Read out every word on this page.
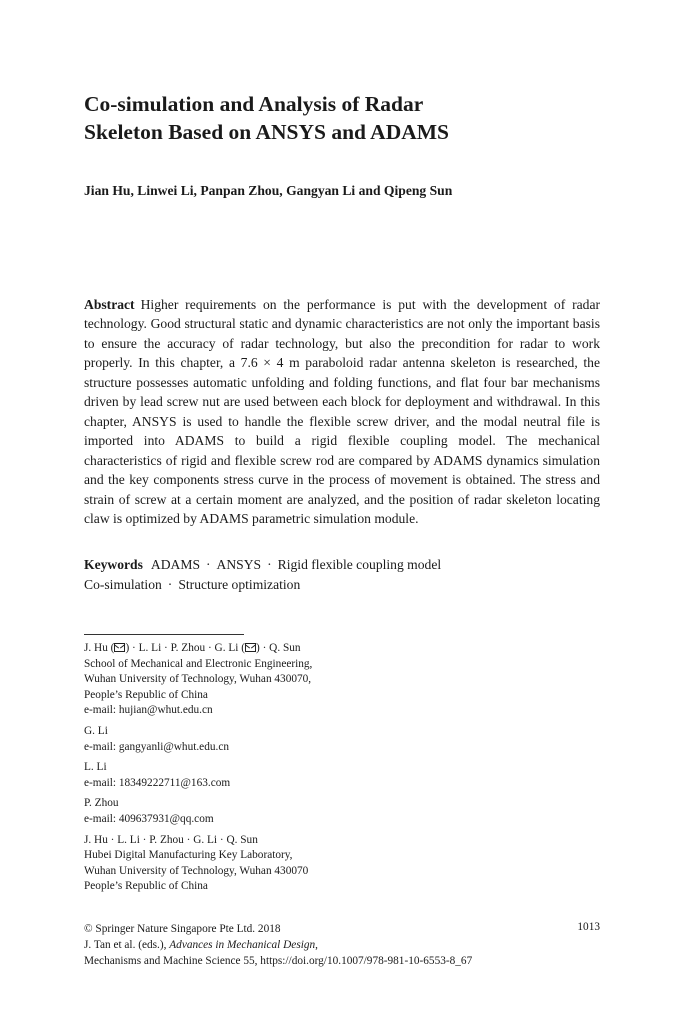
Co-simulation and Analysis of Radar
Skeleton Based on ANSYS and ADAMS

Jian Hu, Linwei Li, Panpan Zhou, Gangyan Li and Qipeng Sun

Abstract Higher requirements on the performance is put with the development of radar technology. Good structural static and dynamic characteristics are not only the important basis to ensure the accuracy of radar technology, but also the precondition for radar to work properly. In this chapter, a 7.6 × 4 m paraboloid radar antenna skeleton is researched, the structure possesses automatic unfolding and folding functions, and flat four bar mechanisms driven by lead screw nut are used between each block for deployment and withdrawal. In this chapter, ANSYS is used to handle the flexible screw driver, and the modal neutral file is imported into ADAMS to build a rigid flexible coupling model. The mechanical characteristics of rigid and flexible screw rod are compared by ADAMS dynamics simulation and the key components stress curve in the process of movement is obtained. The stress and strain of screw at a certain moment are analyzed, and the position of radar skeleton locating claw is optimized by ADAMS parametric simulation module.

Keywords ADAMS · ANSYS · Rigid flexible coupling model
Co-simulation · Structure optimization
J. Hu ( ) · L. Li · P. Zhou · G. Li ( ) · Q. Sun
School of Mechanical and Electronic Engineering,
Wuhan University of Technology, Wuhan 430070,
People’s Republic of China
e-mail: hujian@whut.edu.cn
G. Li
e-mail: gangyanli@whut.edu.cn
L. Li
e-mail: 18349222711@163.com
P. Zhou
e-mail: 409637931@qq.com
J. Hu · L. Li · P. Zhou · G. Li · Q. Sun
Hubei Digital Manufacturing Key Laboratory,
Wuhan University of Technology, Wuhan 430070
People’s Republic of China
© Springer Nature Singapore Pte Ltd. 2018
J. Tan et al. (eds.), Advances in Mechanical Design,
Mechanisms and Machine Science 55, https://doi.org/10.1007/978-981-10-6553-8_67
1013
